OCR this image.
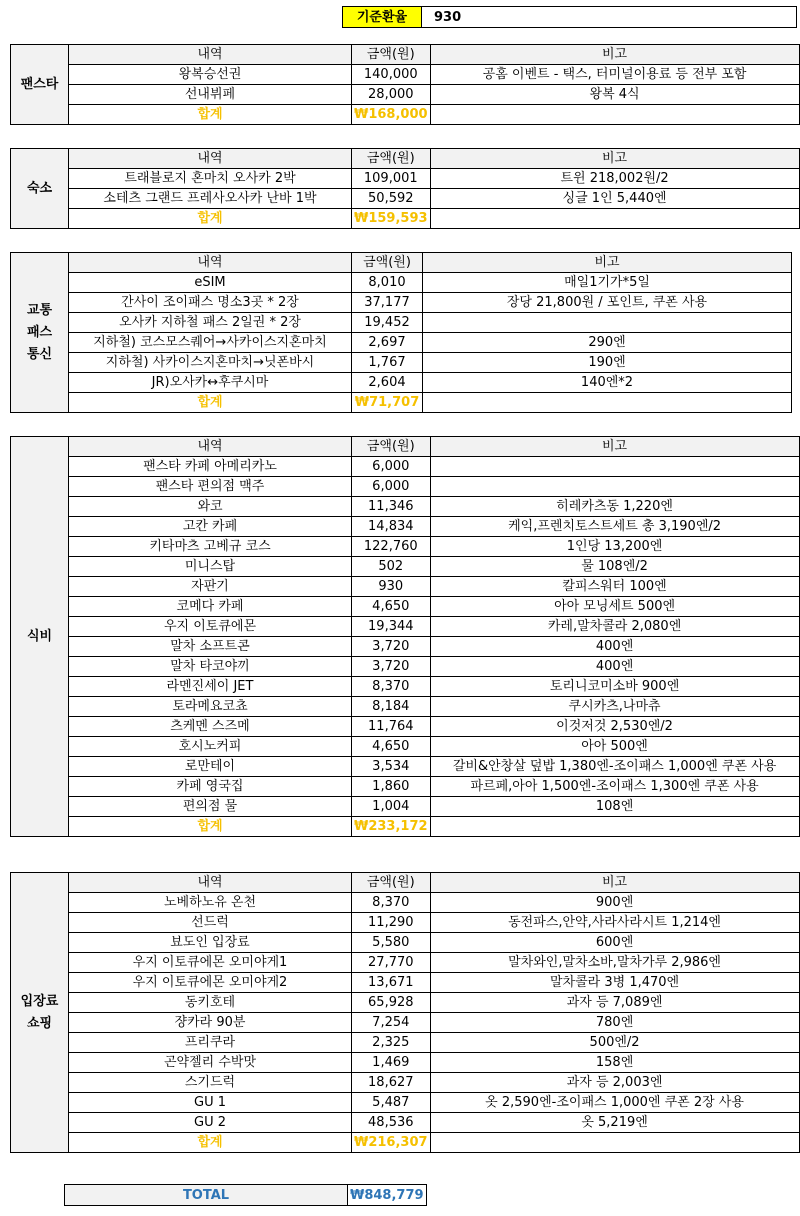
기준환율	930
팬스타	내역	금액(원)	비고
	왕복승선권	140,000	공홈 이벤트 - 택스, 터미널이용료 등 전부 포함
	선내뷔페	28,000	왕복 4식
	합계	₩168,000	
숙소	내역	금액(원)	비고
	트래블로지 혼마치 오사카 2박	109,001	트윈 218,002원/2
	소테츠 그랜드 프레사오사카 난바 1박	50,592	싱글 1인 5,440엔
	합계	₩159,593	
교통
패스
통신	내역	금액(원)	비고
	eSIM	8,010	매일1기가*5일
	간사이 조이패스 명소3곳 * 2장	37,177	장당 21,800원 / 포인트, 쿠폰 사용
	오사카 지하철 패스 2일권 * 2장	19,452	
	지하철) 코스모스퀘어→사카이스지혼마치	2,697	290엔
	지하철) 사카이스지혼마치→닛폰바시	1,767	190엔
	JR)오사카↔후쿠시마	2,604	140엔*2
	합계	₩71,707	
식비	내역	금액(원)	비고
	팬스타 카페 아메리카노	6,000	
	팬스타 편의점 맥주	6,000	
	와코	11,346	히레카츠동 1,220엔
	고칸 카페	14,834	케익,프렌치토스트세트 총 3,190엔/2
	키타마츠 고베규 코스	122,760	1인당 13,200엔
	미니스탑	502	물 108엔/2
	자판기	930	칼피스워터 100엔
	코메다 카페	4,650	아아 모닝세트 500엔
	우지 이토큐에몬	19,344	카레,말차콜라 2,080엔
	말차 소프트콘	3,720	400엔
	말차 타코야끼	3,720	400엔
	라멘진세이 JET	8,370	토리니코미소바 900엔
	토라메요코쵸	8,184	쿠시카츠,나마츄
	츠케멘 스즈메	11,764	이것저것 2,530엔/2
	호시노커피	4,650	아아 500엔
	로만테이	3,534	갈비&안창살 덮밥 1,380엔-조이패스 1,000엔 쿠폰 사용
	카페 영국집	1,860	파르페,아아 1,500엔-조이패스 1,300엔 쿠폰 사용
	편의점 물	1,004	108엔
	합계	₩233,172	
입장료
쇼핑	내역	금액(원)	비고
	노베하노유 온천	8,370	900엔
	선드럭	11,290	동전파스,안약,사라사라시트 1,214엔
	뵤도인 입장료	5,580	600엔
	우지 이토큐에몬 오미야게1	27,770	말차와인,말차소바,말차가루 2,986엔
	우지 이토큐에몬 오미야게2	13,671	말차콜라 3병 1,470엔
	동키호테	65,928	과자 등 7,089엔
	쟝카라 90분	7,254	780엔
	프리쿠라	2,325	500엔/2
	곤약젤리 수박맛	1,469	158엔
	스기드럭	18,627	과자 등 2,003엔
	GU 1	5,487	옷 2,590엔-조이패스 1,000엔 쿠폰 2장 사용
	GU 2	48,536	옷 5,219엔
	합계	₩216,307	
TOTAL	₩848,779
